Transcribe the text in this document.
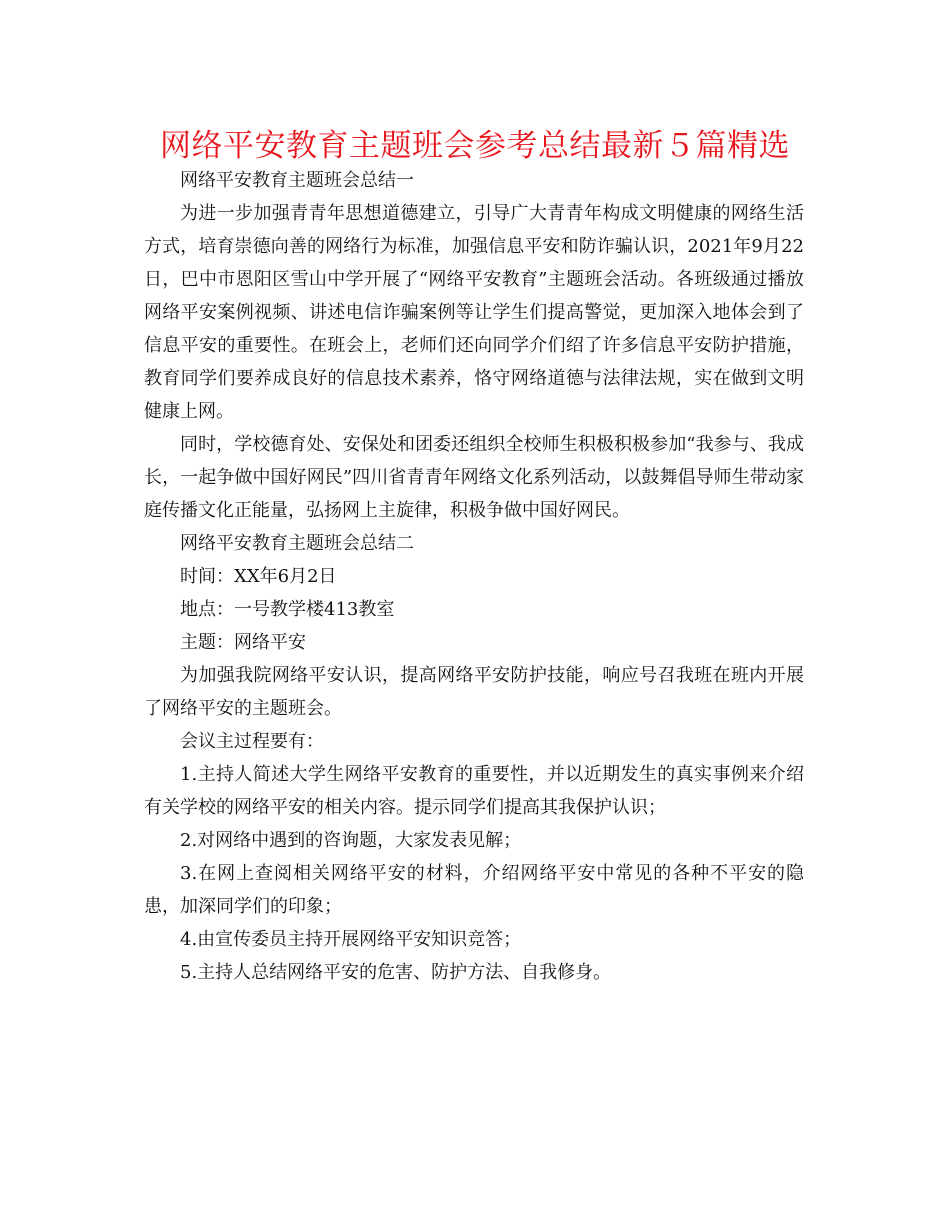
网络平安教育主题班会参考总结最新５篇精选

网络平安教育主题班会总结一

为进一步加强青青年思想道德建立，引导广大青青年构成文明健康的网络生活方式，培育崇德向善的网络行为标准，加强信息平安和防诈骗认识，2021年9月22日，巴中市恩阳区雪山中学开展了“网络平安教育”主题班会活动。各班级通过播放网络平安案例视频、讲述电信诈骗案例等让学生们提高警觉，更加深入地体会到了信息平安的重要性。在班会上，老师们还向同学介们绍了许多信息平安防护措施，教育同学们要养成良好的信息技术素养，恪守网络道德与法律法规，实在做到文明健康上网。

同时，学校德育处、安保处和团委还组织全校师生积极积极参加“我参与、我成长，一起争做中国好网民”四川省青青年网络文化系列活动，以鼓舞倡导师生带动家庭传播文化正能量，弘扬网上主旋律，积极争做中国好网民。

网络平安教育主题班会总结二

时间：XX年6月2日

地点：一号教学楼413教室

主题：网络平安

为加强我院网络平安认识，提高网络平安防护技能，响应号召我班在班内开展了网络平安的主题班会。

会议主过程要有：

1.主持人简述大学生网络平安教育的重要性，并以近期发生的真实事例来介绍有关学校的网络平安的相关内容。提示同学们提高其我保护认识；

2.对网络中遇到的咨询题，大家发表见解；

3.在网上查阅相关网络平安的材料，介绍网络平安中常见的各种不平安的隐患，加深同学们的印象；

4.由宣传委员主持开展网络平安知识竞答；

5.主持人总结网络平安的危害、防护方法、自我修身。
